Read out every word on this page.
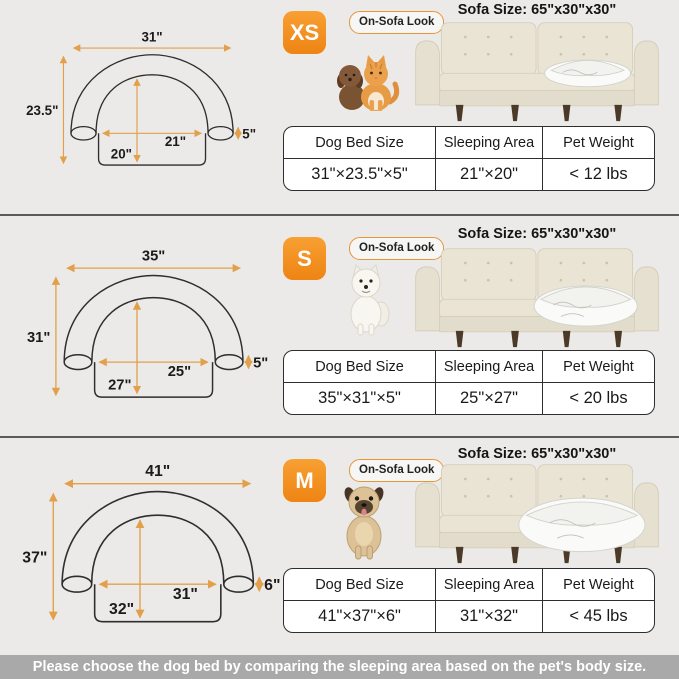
31"
23.5"
21"
20"
5"
Sofa Size: 65"x30"x30"
XS	On-Sofa Look
Dog Bed Size	Sleeping Area	Pet Weight
31"×23.5"×5"	21"×20"	< 12 lbs
35"
31"
25"
27"
5"
Sofa Size: 65"x30"x30"
S	On-Sofa Look
Dog Bed Size	Sleeping Area	Pet Weight
35"×31"×5"	25"×27"	< 20 lbs
41"
37"
31"
32"
6"
Sofa Size: 65"x30"x30"
M	On-Sofa Look
Dog Bed Size	Sleeping Area	Pet Weight
41"×37"×6"	31"×32"	< 45 lbs
Please choose the dog bed by comparing the sleeping area based on the pet's body size.
